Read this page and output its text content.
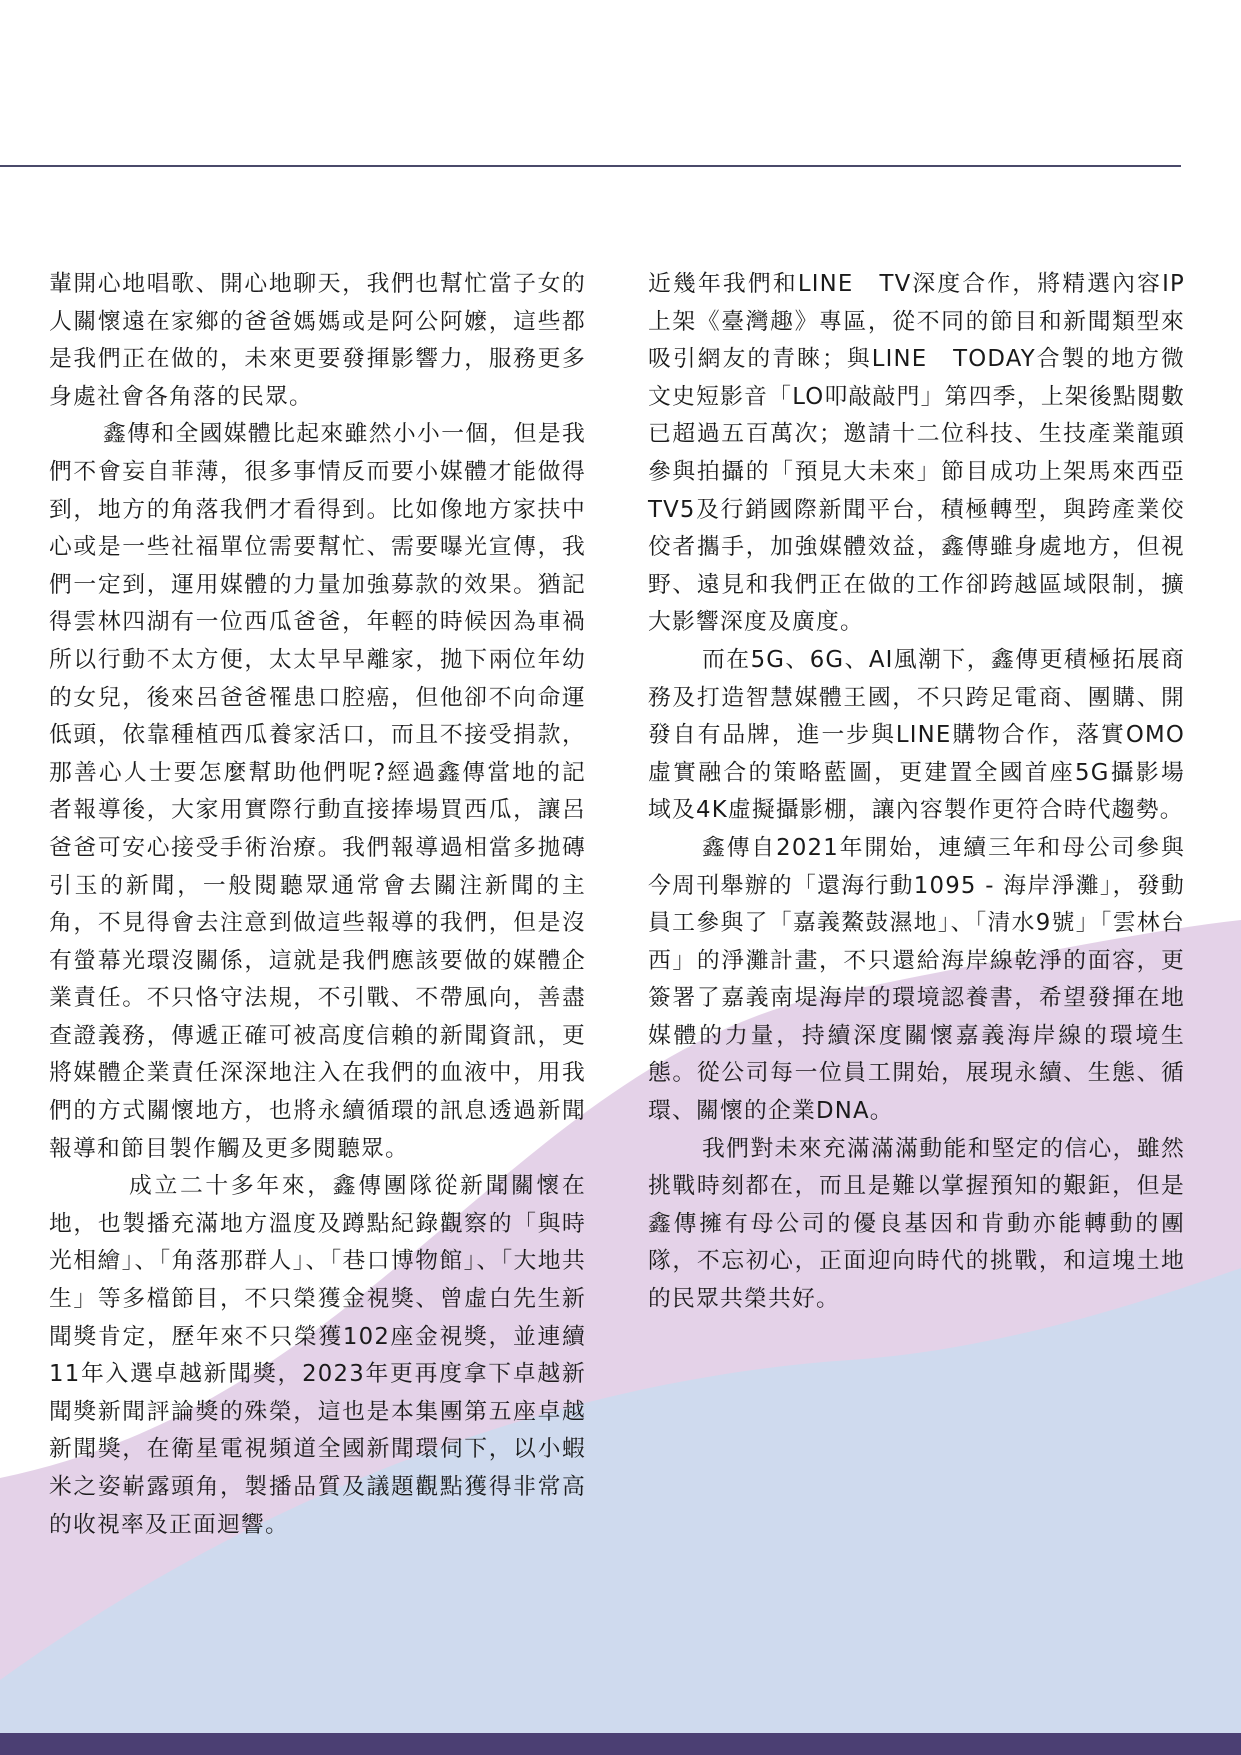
輩開心地唱歌、開心地聊天，我們也幫忙當子女的人關懷遠在家鄉的爸爸媽媽或是阿公阿嬤，這些都是我們正在做的，未來更要發揮影響力，服務更多身處社會各角落的民眾。

鑫傳和全國媒體比起來雖然小小一個，但是我們不會妄自菲薄，很多事情反而要小媒體才能做得到，地方的角落我們才看得到。比如像地方家扶中心或是一些社福單位需要幫忙、需要曝光宣傳，我們一定到，運用媒體的力量加強募款的效果。猶記得雲林四湖有一位西瓜爸爸，年輕的時候因為車禍所以行動不太方便，太太早早離家，拋下兩位年幼的女兒，後來呂爸爸罹患口腔癌，但他卻不向命運低頭，依靠種植西瓜養家活口，而且不接受捐款，那善心人士要怎麼幫助他們呢?經過鑫傳當地的記者報導後，大家用實際行動直接捧場買西瓜，讓呂爸爸可安心接受手術治療。我們報導過相當多拋磚引玉的新聞，一般閱聽眾通常會去關注新聞的主角，不見得會去注意到做這些報導的我們，但是沒有螢幕光環沒關係，這就是我們應該要做的媒體企業責任。不只恪守法規，不引戰、不帶風向，善盡查證義務，傳遞正確可被高度信賴的新聞資訊，更將媒體企業責任深深地注入在我們的血液中，用我們的方式關懷地方，也將永續循環的訊息透過新聞報導和節目製作觸及更多閱聽眾。

成立二十多年來，鑫傳團隊從新聞關懷在地，也製播充滿地方溫度及蹲點紀錄觀察的「與時光相繪」、「角落那群人」、「巷口博物館」、「大地共生」等多檔節目，不只榮獲金視獎、曾虛白先生新聞獎肯定，歷年來不只榮獲102座金視獎，並連續11年入選卓越新聞獎，2023年更再度拿下卓越新聞獎新聞評論獎的殊榮，這也是本集團第五座卓越新聞獎，在衛星電視頻道全國新聞環伺下，以小蝦米之姿嶄露頭角，製播品質及議題觀點獲得非常高的收視率及正面迴響。

近幾年我們和LINE　TV深度合作，將精選內容IP上架《臺灣趣》專區，從不同的節目和新聞類型來吸引網友的青睞；與LINE　TODAY合製的地方微文史短影音「LO叩敲敲門」第四季，上架後點閱數已超過五百萬次；邀請十二位科技、生技產業龍頭參與拍攝的「預見大未來」節目成功上架馬來西亞TV5及行銷國際新聞平台，積極轉型，與跨產業佼佼者攜手，加強媒體效益，鑫傳雖身處地方，但視野、遠見和我們正在做的工作卻跨越區域限制，擴大影響深度及廣度。

而在5G、6G、AI風潮下，鑫傳更積極拓展商務及打造智慧媒體王國，不只跨足電商、團購、開發自有品牌，進一步與LINE購物合作，落實OMO虛實融合的策略藍圖，更建置全國首座5G攝影場域及4K虛擬攝影棚，讓內容製作更符合時代趨勢。

鑫傳自2021年開始，連續三年和母公司參與今周刊舉辦的「還海行動1095 - 海岸淨灘」，發動員工參與了「嘉義鰲鼓濕地」、「清水9號」「雲林台西」的淨灘計畫，不只還給海岸線乾淨的面容，更簽署了嘉義南堤海岸的環境認養書，希望發揮在地媒體的力量，持續深度關懷嘉義海岸線的環境生態。從公司每一位員工開始，展現永續、生態、循環、關懷的企業DNA。

我們對未來充滿滿滿動能和堅定的信心，雖然挑戰時刻都在，而且是難以掌握預知的艱鉅，但是鑫傳擁有母公司的優良基因和肯動亦能轉動的團隊，不忘初心，正面迎向時代的挑戰，和這塊土地的民眾共榮共好。
